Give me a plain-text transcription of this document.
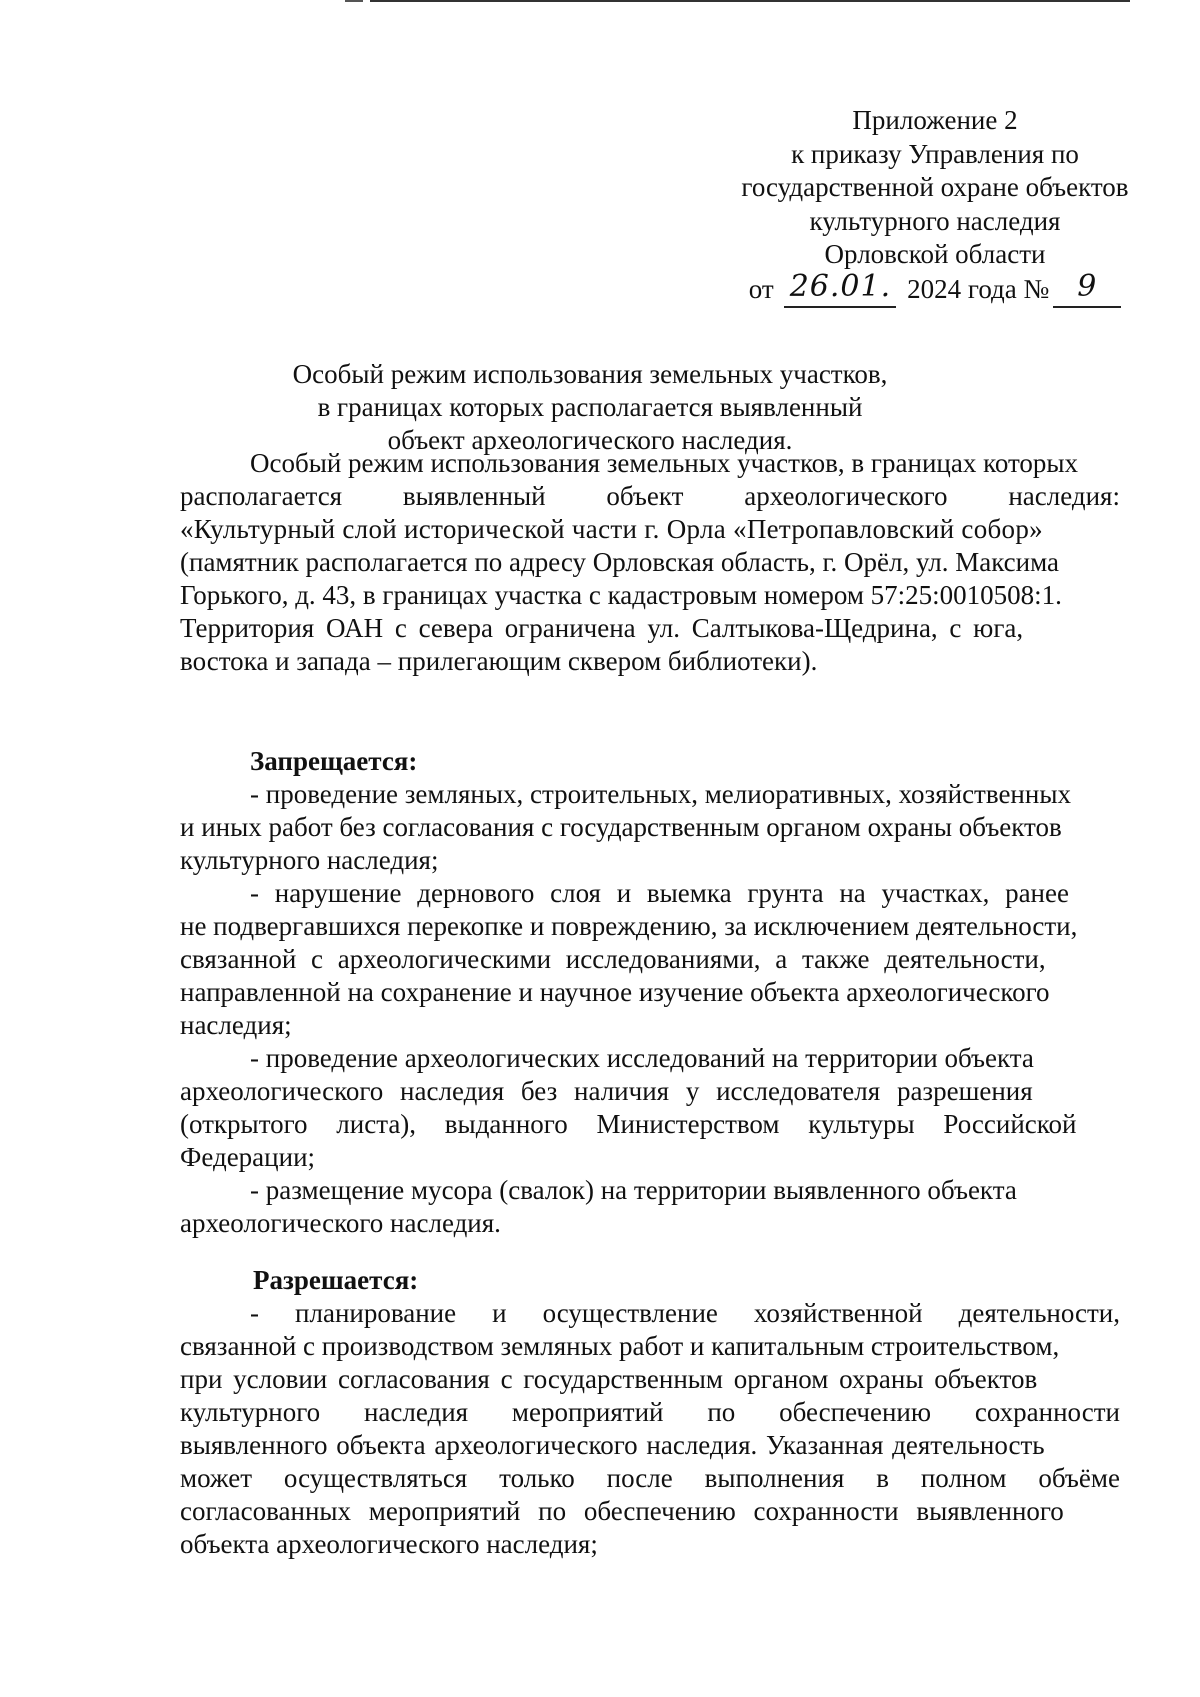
Приложение 2
к приказу Управления по
государственной охране объектов
культурного наследия
Орловской области
от 26.01. 2024 года № 9
Особый режим использования земельных участков,
в границах которых располагается выявленный
объект археологического наследия.
Особый режим использования земельных участков, в границах которых
располагается выявленный объект археологического наследия:
«Культурный слой исторической части г. Орла «Петропавловский собор»
(памятник располагается по адресу Орловская область, г. Орёл, ул. Максима
Горького, д. 43, в границах участка с кадастровым номером 57:25:0010508:1.
Территория ОАН с севера ограничена ул. Салтыкова-Щедрина, с юга,
востока и запада – прилегающим сквером библиотеки).
Запрещается:
- проведение земляных, строительных, мелиоративных, хозяйственных
и иных работ без согласования с государственным органом охраны объектов
культурного наследия;
- нарушение дернового слоя и выемка грунта на участках, ранее
не подвергавшихся перекопке и повреждению, за исключением деятельности,
связанной с археологическими исследованиями, а также деятельности,
направленной на сохранение и научное изучение объекта археологического
наследия;
- проведение археологических исследований на территории объекта
археологического наследия без наличия у исследователя разрешения
(открытого листа), выданного Министерством культуры Российской
Федерации;
- размещение мусора (свалок) на территории выявленного объекта
археологического наследия.
Разрешается:
- планирование и осуществление хозяйственной деятельности,
связанной с производством земляных работ и капитальным строительством,
при условии согласования с государственным органом охраны объектов
культурного наследия мероприятий по обеспечению сохранности
выявленного объекта археологического наследия. Указанная деятельность
может осуществляться только после выполнения в полном объёме
согласованных мероприятий по обеспечению сохранности выявленного
объекта археологического наследия;
